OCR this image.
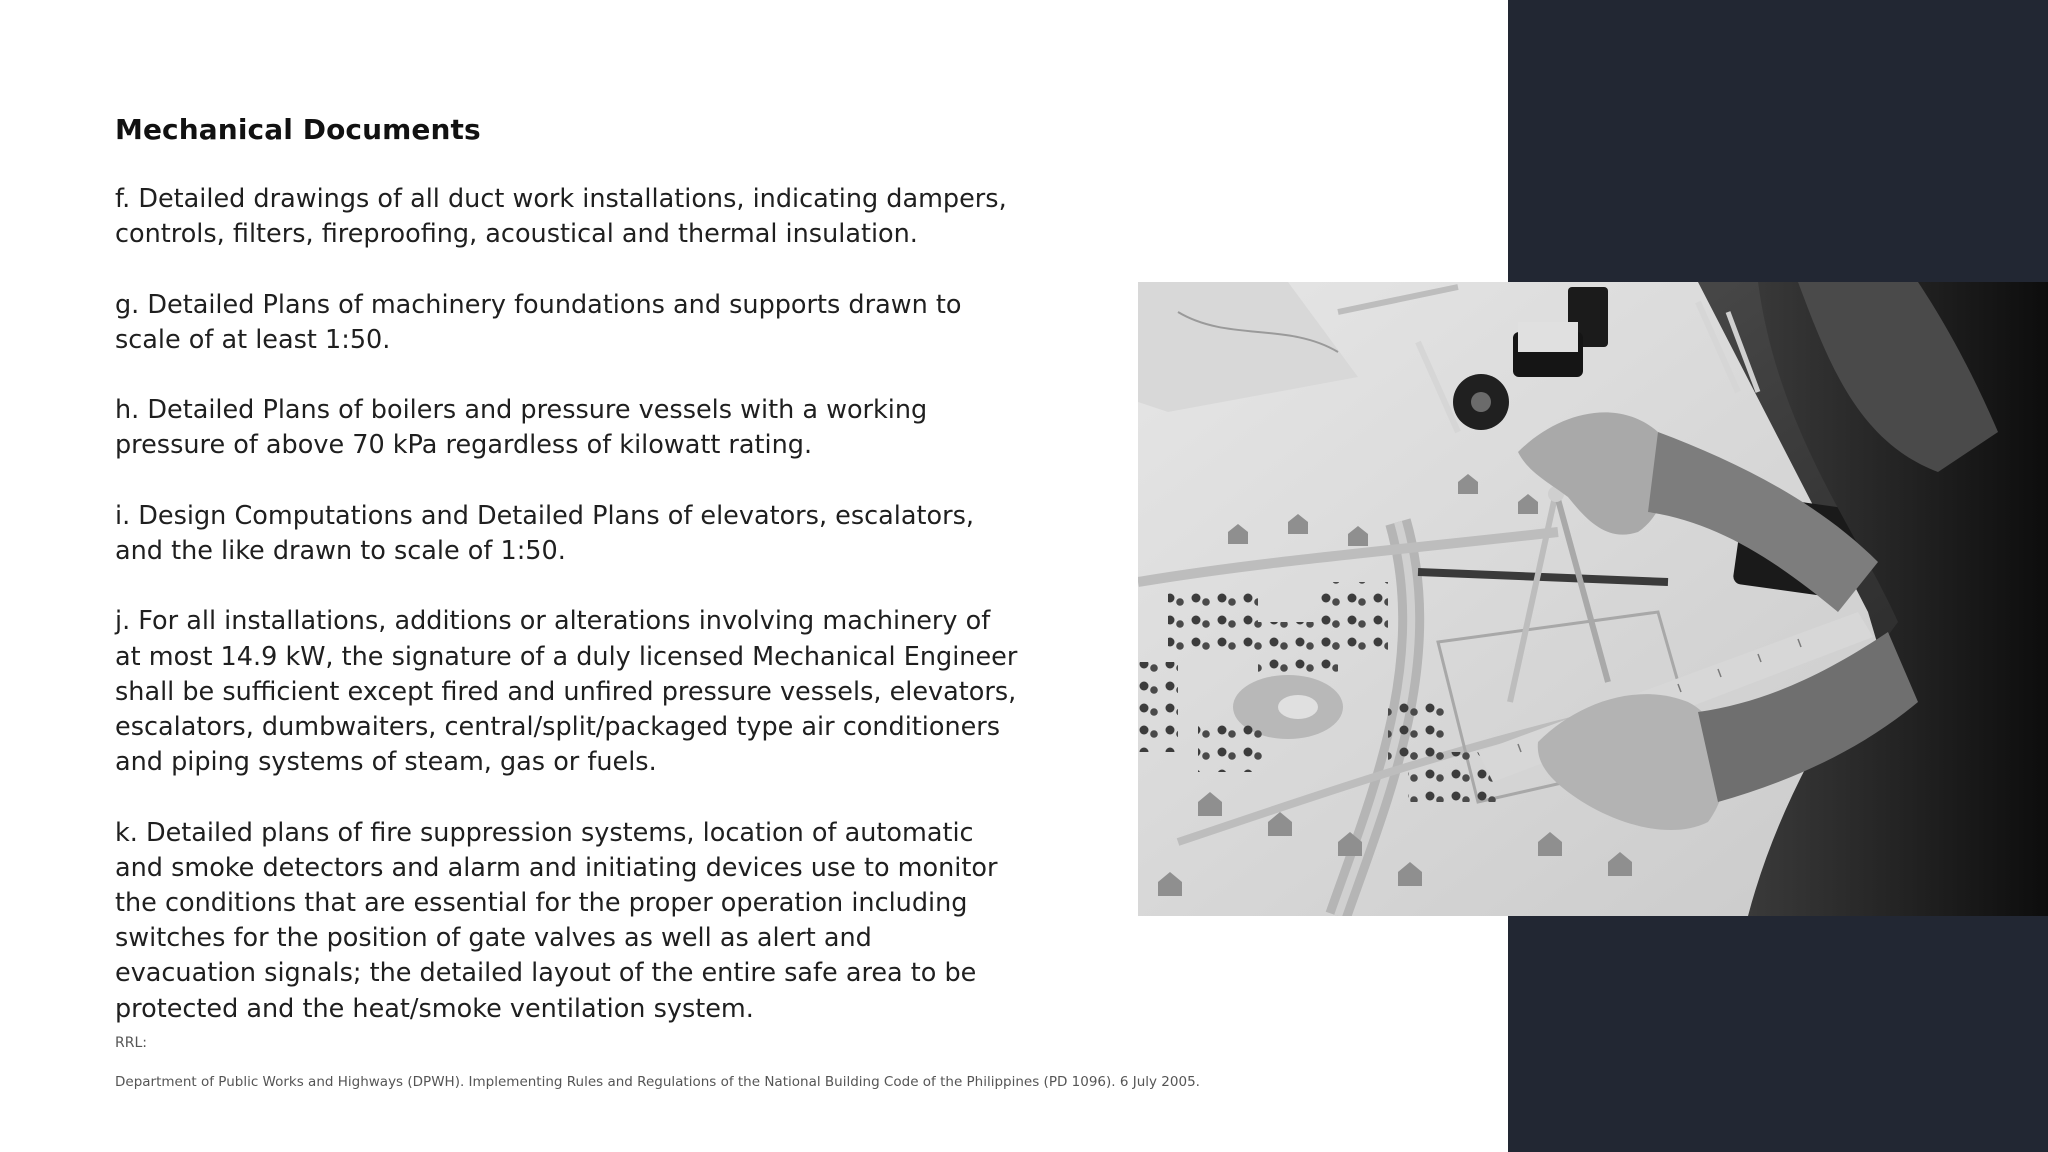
Mechanical Documents

f. Detailed drawings of all duct work installations, indicating dampers, controls, filters, fireproofing, acoustical and thermal insulation.

g. Detailed Plans of machinery foundations and supports drawn to scale of at least 1:50.

h. Detailed Plans of boilers and pressure vessels with a working pressure of above 70 kPa regardless of kilowatt rating.

i. Design Computations and Detailed Plans of elevators, escalators, and the like drawn to scale of 1:50.

j. For all installations, additions or alterations involving machinery of at most 14.9 kW, the signature of a duly licensed Mechanical Engineer shall be sufficient except fired and unfired pressure vessels, elevators, escalators, dumbwaiters, central/split/packaged type air conditioners and piping systems of steam, gas or fuels.

k. Detailed plans of fire suppression systems, location of automatic and smoke detectors and alarm and initiating devices use to monitor the conditions that are essential for the proper operation including switches for the position of gate valves as well as alert and evacuation signals; the detailed layout of the entire safe area to be protected and the heat/smoke ventilation system.

RRL:
Department of Public Works and Highways (DPWH). Implementing Rules and Regulations of the National Building Code of the Philippines (PD 1096). 6 July 2005.
